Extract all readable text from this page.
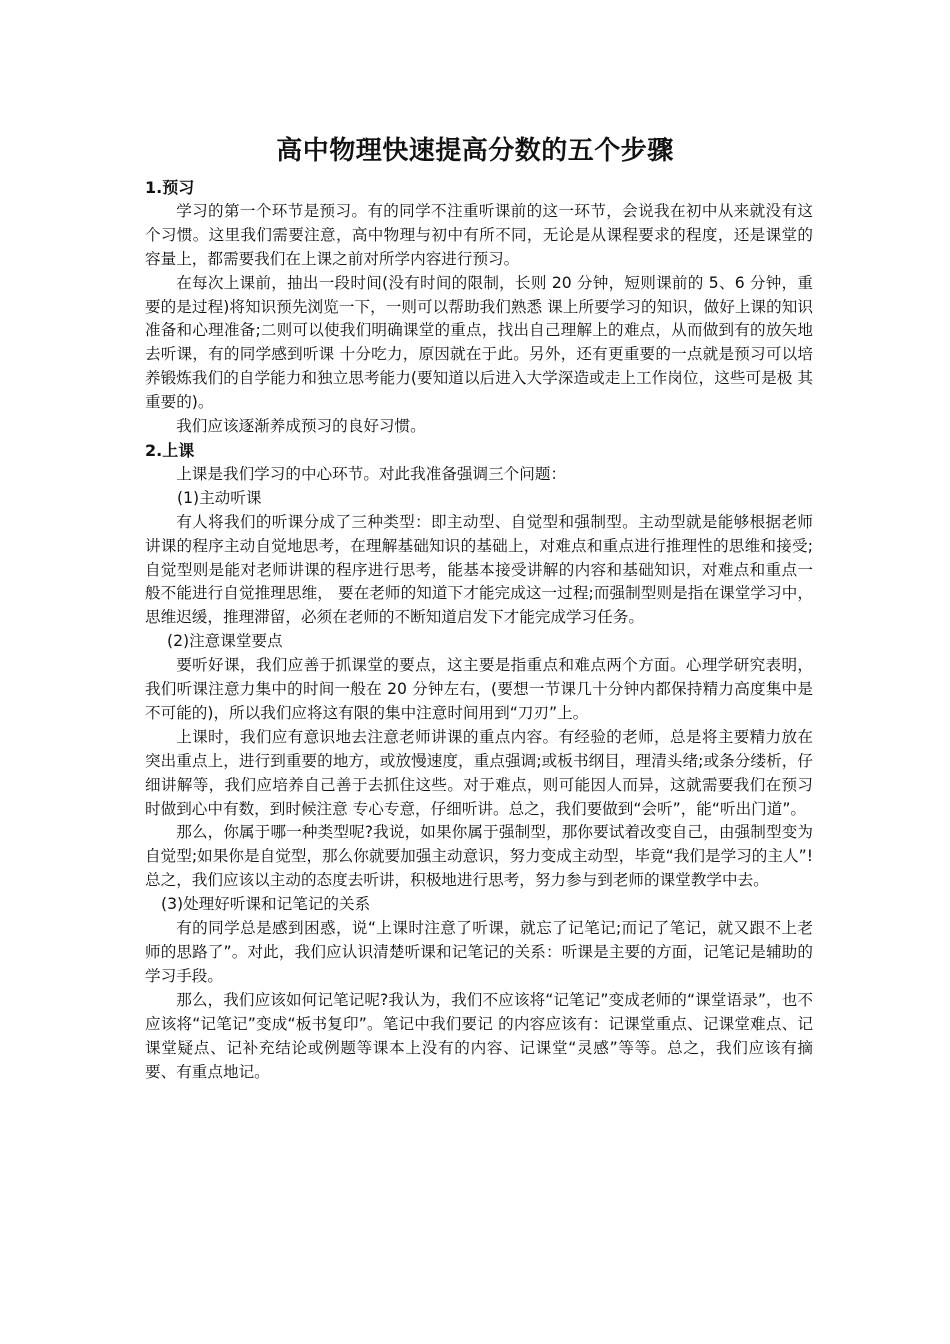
高中物理快速提高分数的五个步骤

1.预习

学习的第一个环节是预习。有的同学不注重听课前的这一环节，会说我在初中从来就没有这个习惯。这里我们需要注意，高中物理与初中有所不同，无论是从课程要求的程度，还是课堂的容量上，都需要我们在上课之前对所学内容进行预习。

在每次上课前，抽出一段时间(没有时间的限制，长则 20 分钟，短则课前的 5、6 分钟，重要的是过程)将知识预先浏览一下，一则可以帮助我们熟悉 课上所要学习的知识，做好上课的知识准备和心理准备;二则可以使我们明确课堂的重点，找出自己理解上的难点，从而做到有的放矢地去听课，有的同学感到听课 十分吃力，原因就在于此。另外，还有更重要的一点就是预习可以培养锻炼我们的自学能力和独立思考能力(要知道以后进入大学深造或走上工作岗位，这些可是极 其重要的)。

我们应该逐渐养成预习的良好习惯。

2.上课

上课是我们学习的中心环节。对此我准备强调三个问题：

(1)主动听课

有人将我们的听课分成了三种类型：即主动型、自觉型和强制型。主动型就是能够根据老师讲课的程序主动自觉地思考，在理解基础知识的基础上，对难点和重点进行推理性的思维和接受;自觉型则是能对老师讲课的程序进行思考，能基本接受讲解的内容和基础知识，对难点和重点一般不能进行自觉推理思维， 要在老师的知道下才能完成这一过程;而强制型则是指在课堂学习中，思维迟缓，推理滞留，必须在老师的不断知道启发下才能完成学习任务。

(2)注意课堂要点

要听好课，我们应善于抓课堂的要点，这主要是指重点和难点两个方面。心理学研究表明，我们听课注意力集中的时间一般在 20 分钟左右，(要想一节课几十分钟内都保持精力高度集中是不可能的)，所以我们应将这有限的集中注意时间用到“刀刃”上。

上课时，我们应有意识地去注意老师讲课的重点内容。有经验的老师，总是将主要精力放在突出重点上，进行到重要的地方，或放慢速度，重点强调;或板书纲目，理清头绪;或条分缕析，仔细讲解等，我们应培养自己善于去抓住这些。对于难点，则可能因人而异，这就需要我们在预习时做到心中有数，到时候注意 专心专意，仔细听讲。总之，我们要做到“会听”，能“听出门道”。

那么，你属于哪一种类型呢?我说，如果你属于强制型，那你要试着改变自己，由强制型变为自觉型;如果你是自觉型，那么你就要加强主动意识，努力变成主动型，毕竟“我们是学习的主人”!总之，我们应该以主动的态度去听讲，积极地进行思考，努力参与到老师的课堂教学中去。

(3)处理好听课和记笔记的关系

有的同学总是感到困惑，说“上课时注意了听课，就忘了记笔记;而记了笔记，就又跟不上老师的思路了”。对此，我们应认识清楚听课和记笔记的关系：听课是主要的方面，记笔记是辅助的学习手段。

那么，我们应该如何记笔记呢?我认为，我们不应该将“记笔记”变成老师的“课堂语录”，也不应该将“记笔记”变成“板书复印”。笔记中我们要记 的内容应该有：记课堂重点、记课堂难点、记课堂疑点、记补充结论或例题等课本上没有的内容、记课堂“灵感”等等。总之，我们应该有摘要、有重点地记。
